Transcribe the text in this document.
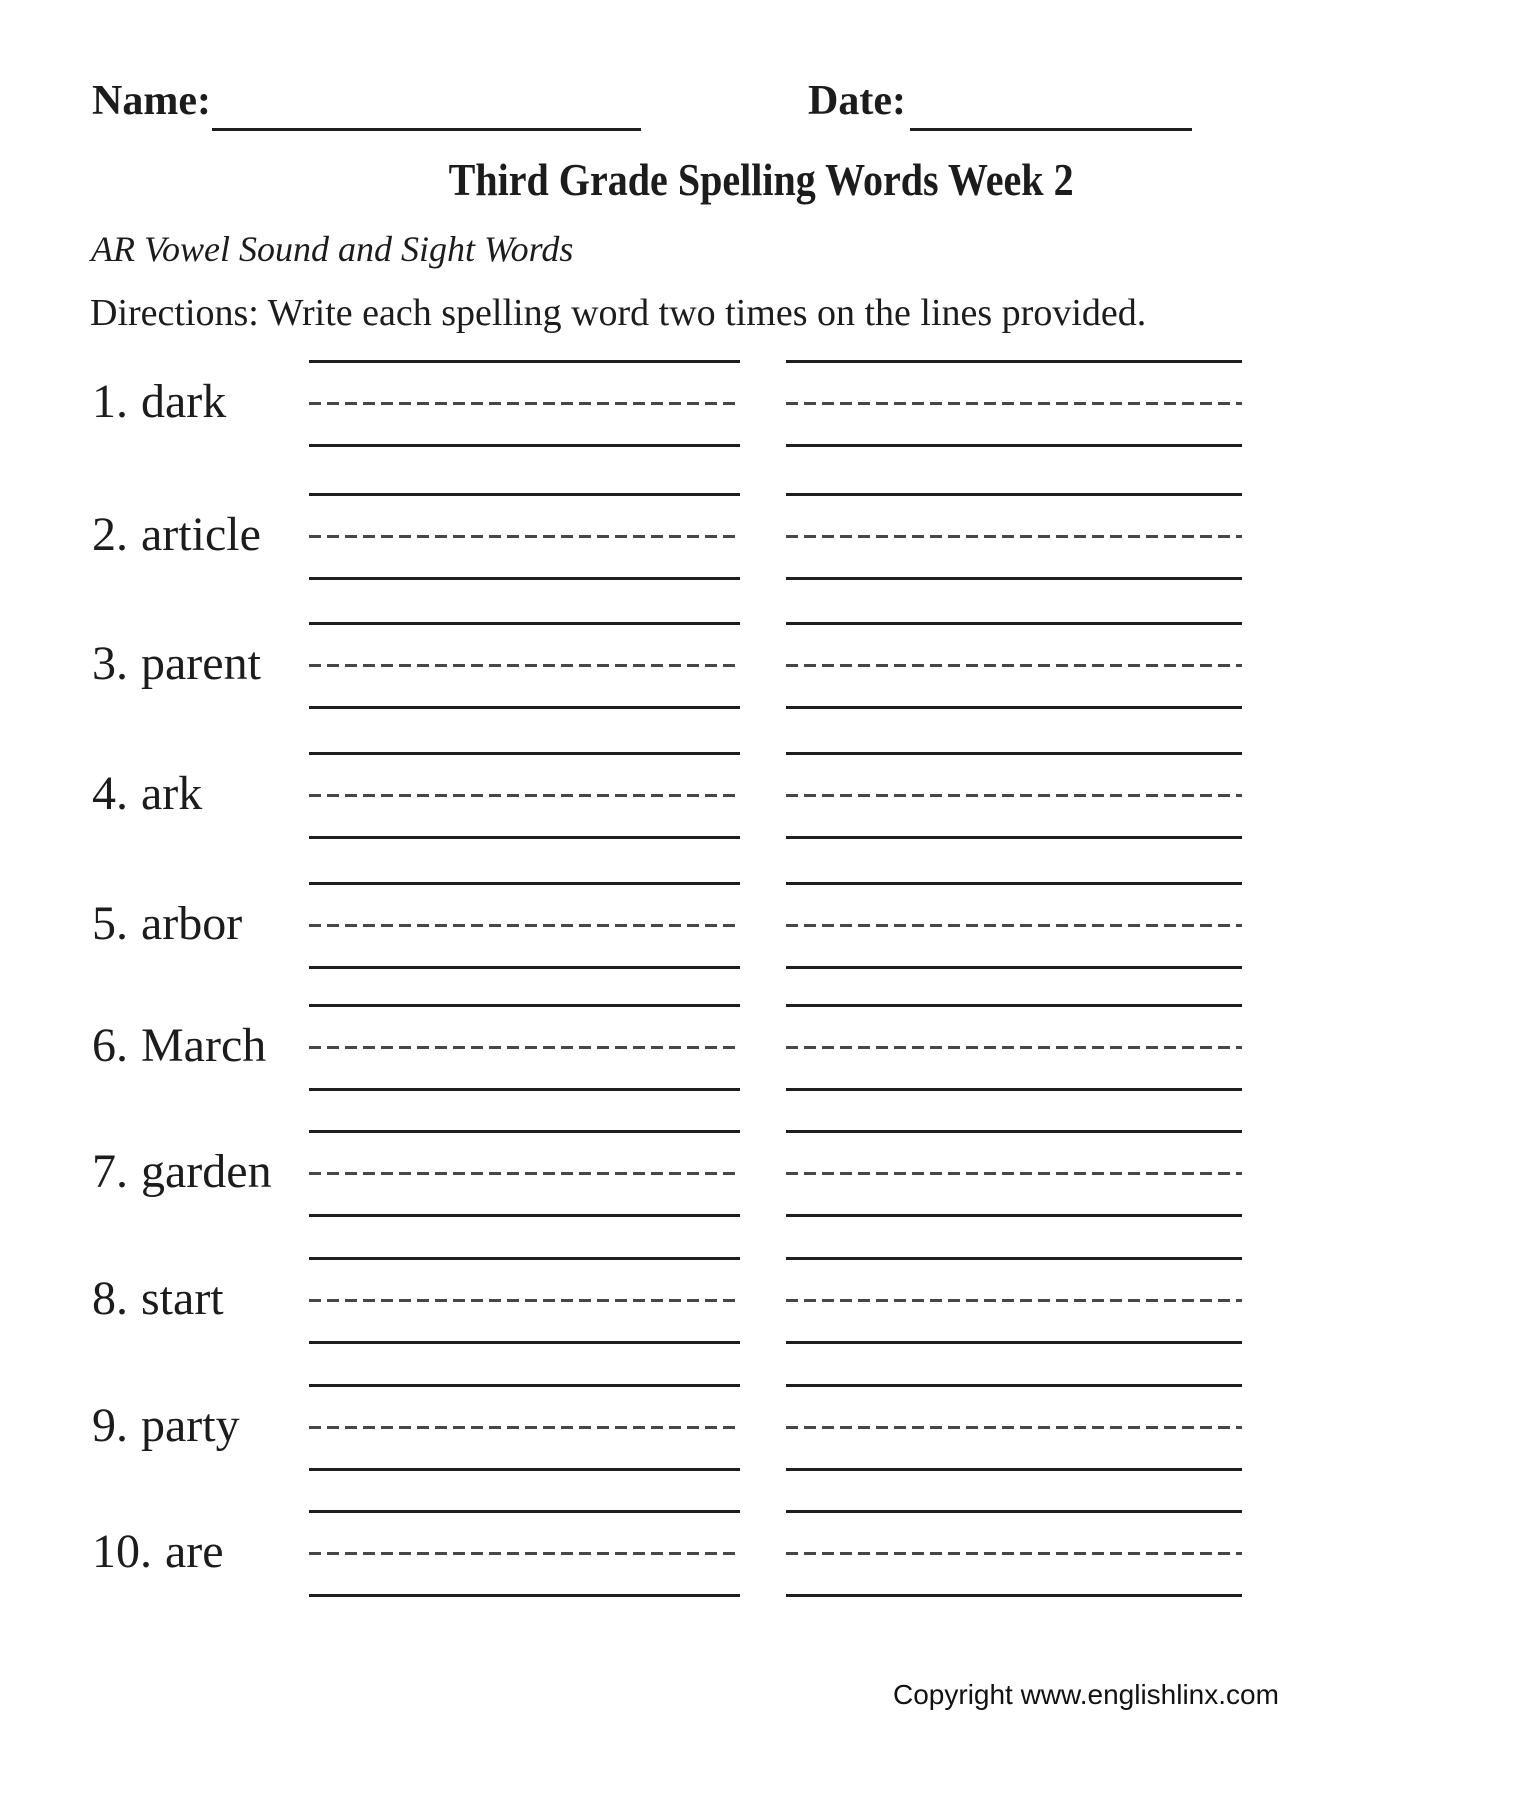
Name:	Date:
Third Grade Spelling Words Week 2
AR Vowel Sound and Sight Words
Directions: Write each spelling word two times on the lines provided.
1. dark
2. article
3. parent
4. ark
5. arbor
6. March
7. garden
8. start
9. party
10. are
Copyright www.englishlinx.com
